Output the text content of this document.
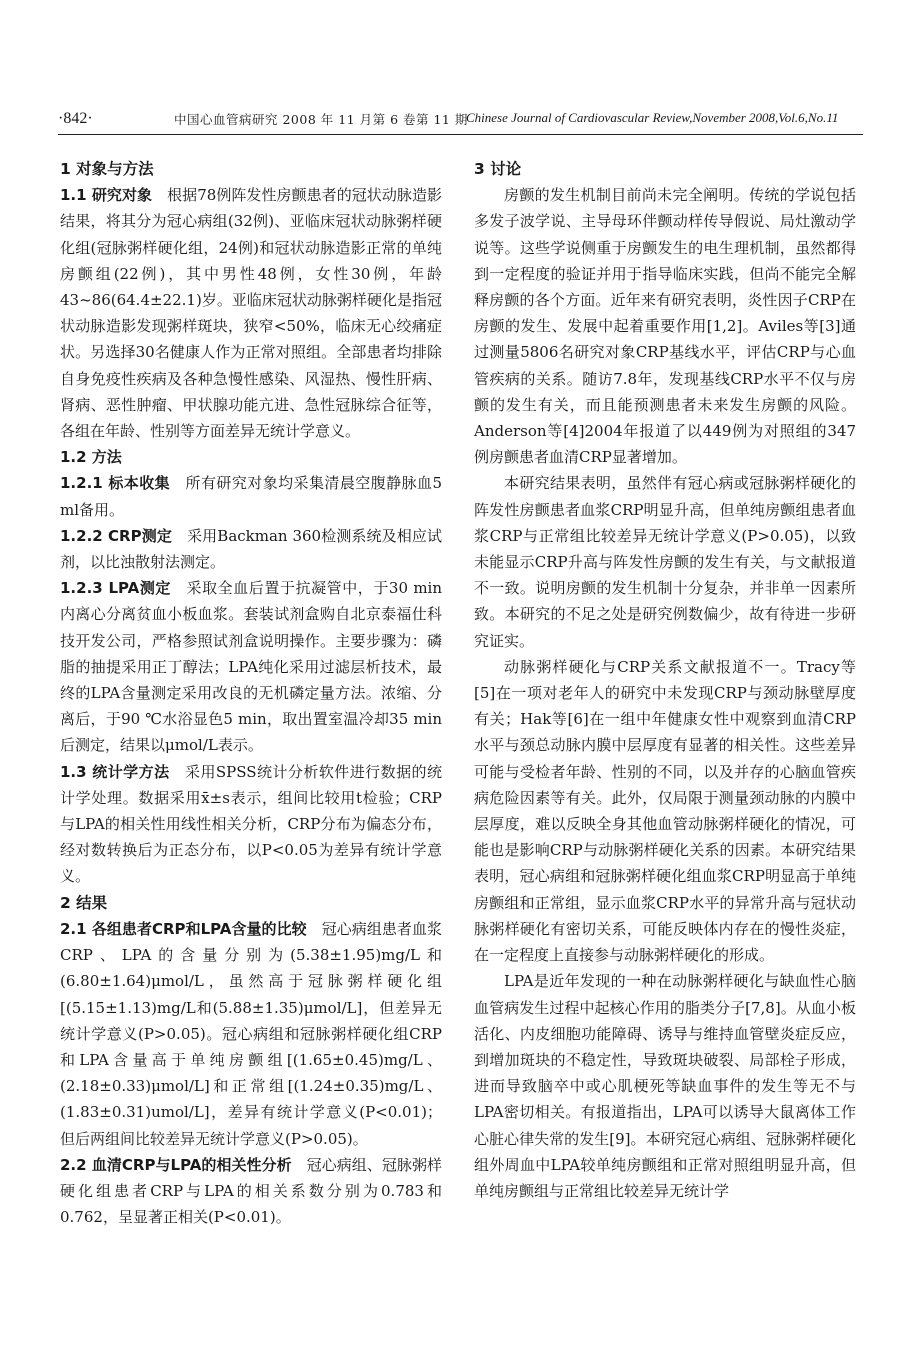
·842·	中国心血管病研究 2008 年 11 月第 6 卷第 11 期
Chinese Journal of Cardiovascular Review,November 2008,Vol.6,No.11

1 对象与方法

1.1 研究对象  根据78例阵发性房颤患者的冠状动脉造影结果，将其分为冠心病组(32例)、亚临床冠状动脉粥样硬化组(冠脉粥样硬化组，24例)和冠状动脉造影正常的单纯房颤组(22例)，其中男性48例，女性30例，年龄43~86(64.4±22.1)岁。亚临床冠状动脉粥样硬化是指冠状动脉造影发现粥样斑块，狭窄<50%，临床无心绞痛症状。另选择30名健康人作为正常对照组。全部患者均排除自身免疫性疾病及各种急慢性感染、风湿热、慢性肝病、肾病、恶性肿瘤、甲状腺功能亢进、急性冠脉综合征等，各组在年龄、性别等方面差异无统计学意义。

1.2 方法

1.2.1 标本收集  所有研究对象均采集清晨空腹静脉血5 ml备用。

1.2.2 CRP测定  采用Backman 360检测系统及相应试剂，以比浊散射法测定。

1.2.3 LPA测定  采取全血后置于抗凝管中，于30 min内离心分离贫血小板血浆。套装试剂盒购自北京泰福仕科技开发公司，严格参照试剂盒说明操作。主要步骤为：磷脂的抽提采用正丁醇法；LPA纯化采用过滤层析技术，最终的LPA含量测定采用改良的无机磷定量方法。浓缩、分离后，于90 ℃水浴显色5 min，取出置室温冷却35 min后测定，结果以μmol/L表示。

1.3 统计学方法  采用SPSS统计分析软件进行数据的统计学处理。数据采用x̄±s表示，组间比较用t检验；CRP与LPA的相关性用线性相关分析，CRP分布为偏态分布，经对数转换后为正态分布，以P<0.05为差异有统计学意义。

2 结果

2.1 各组患者CRP和LPA含量的比较  冠心病组患者血浆CRP、LPA的含量分别为(5.38±1.95)mg/L和(6.80±1.64)μmol/L，虽然高于冠脉粥样硬化组[(5.15±1.13)mg/L和(5.88±1.35)μmol/L]，但差异无统计学意义(P>0.05)。冠心病组和冠脉粥样硬化组CRP和LPA含量高于单纯房颤组[(1.65±0.45)mg/L、(2.18±0.33)μmol/L]和正常组[(1.24±0.35)mg/L、(1.83±0.31)umol/L]，差异有统计学意义(P<0.01)；但后两组间比较差异无统计学意义(P>0.05)。

2.2 血清CRP与LPA的相关性分析  冠心病组、冠脉粥样硬化组患者CRP与LPA的相关系数分别为0.783和0.762，呈显著正相关(P<0.01)。

3 讨论

房颤的发生机制目前尚未完全阐明。传统的学说包括多发子波学说、主导母环伴颤动样传导假说、局灶激动学说等。这些学说侧重于房颤发生的电生理机制，虽然都得到一定程度的验证并用于指导临床实践，但尚不能完全解释房颤的各个方面。近年来有研究表明，炎性因子CRP在房颤的发生、发展中起着重要作用[1,2]。Aviles等[3]通过测量5806名研究对象CRP基线水平，评估CRP与心血管疾病的关系。随访7.8年，发现基线CRP水平不仅与房颤的发生有关，而且能预测患者未来发生房颤的风险。Anderson等[4]2004年报道了以449例为对照组的347例房颤患者血清CRP显著增加。

本研究结果表明，虽然伴有冠心病或冠脉粥样硬化的阵发性房颤患者血浆CRP明显升高，但单纯房颤组患者血浆CRP与正常组比较差异无统计学意义(P>0.05)，以致未能显示CRP升高与阵发性房颤的发生有关，与文献报道不一致。说明房颤的发生机制十分复杂，并非单一因素所致。本研究的不足之处是研究例数偏少，故有待进一步研究证实。

动脉粥样硬化与CRP关系文献报道不一。Tracy等[5]在一项对老年人的研究中未发现CRP与颈动脉壁厚度有关；Hak等[6]在一组中年健康女性中观察到血清CRP水平与颈总动脉内膜中层厚度有显著的相关性。这些差异可能与受检者年龄、性别的不同，以及并存的心脑血管疾病危险因素等有关。此外，仅局限于测量颈动脉的内膜中层厚度，难以反映全身其他血管动脉粥样硬化的情况，可能也是影响CRP与动脉粥样硬化关系的因素。本研究结果表明，冠心病组和冠脉粥样硬化组血浆CRP明显高于单纯房颤组和正常组，显示血浆CRP水平的异常升高与冠状动脉粥样硬化有密切关系，可能反映体内存在的慢性炎症，在一定程度上直接参与动脉粥样硬化的形成。

LPA是近年发现的一种在动脉粥样硬化与缺血性心脑血管病发生过程中起核心作用的脂类分子[7,8]。从血小板活化、内皮细胞功能障碍、诱导与维持血管壁炎症反应，到增加斑块的不稳定性，导致斑块破裂、局部栓子形成，进而导致脑卒中或心肌梗死等缺血事件的发生等无不与LPA密切相关。有报道指出，LPA可以诱导大鼠离体工作心脏心律失常的发生[9]。本研究冠心病组、冠脉粥样硬化组外周血中LPA较单纯房颤组和正常对照组明显升高，但单纯房颤组与正常组比较差异无统计学
